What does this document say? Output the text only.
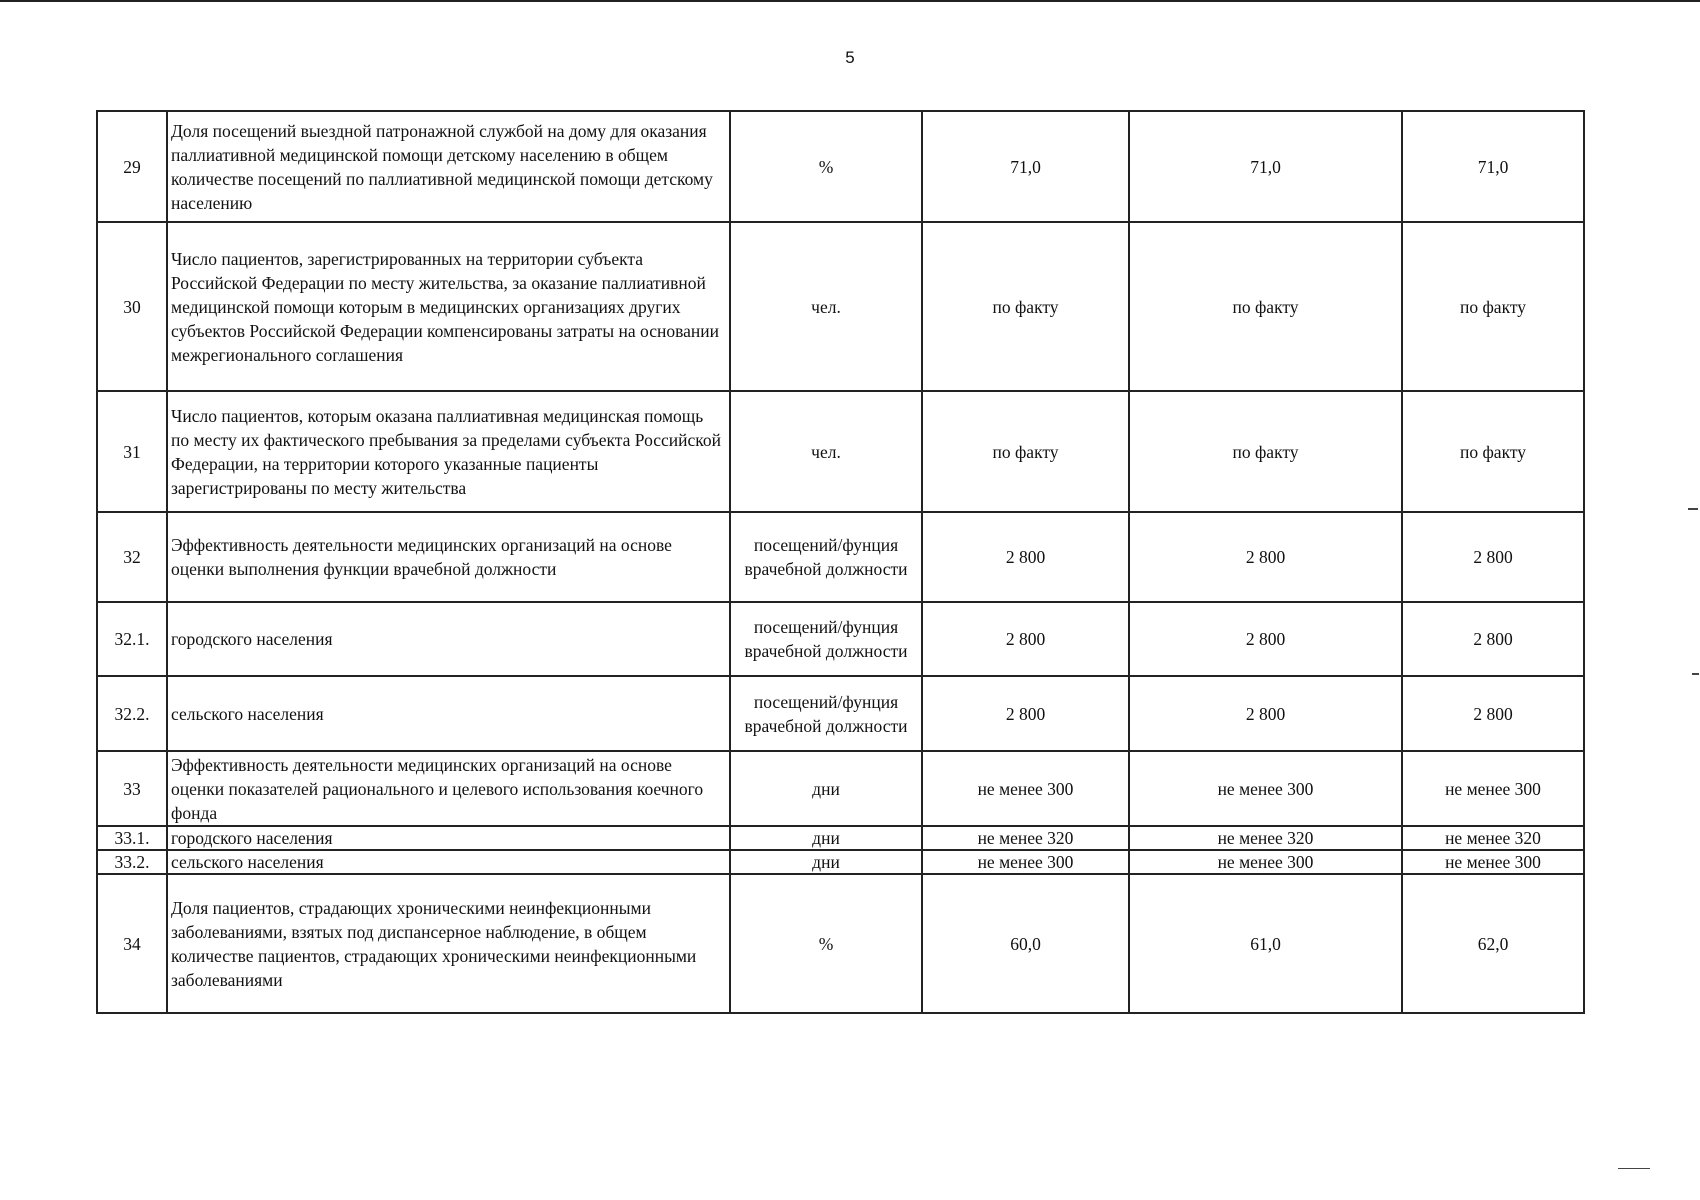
5
29	Доля посещений выездной патронажной службой на дому для оказания паллиативной медицинской помощи детскому населению в общем количестве посещений по паллиативной медицинской помощи детскому населению	%	71,0	71,0	71,0
30	Число пациентов, зарегистрированных на территории субъекта Российской Федерации по месту жительства, за оказание паллиативной медицинской помощи которым в медицинских организациях других субъектов Российской Федерации компенсированы затраты на основании межрегионального соглашения	чел.	по факту	по факту	по факту
31	Число пациентов, которым оказана паллиативная медицинская помощь по месту их фактического пребывания за пределами субъекта Российской Федерации, на территории которого указанные пациенты зарегистрированы по месту жительства	чел.	по факту	по факту	по факту
32	Эффективность деятельности медицинских организаций на основе оценки выполнения функции врачебной должности	посещений/фунция врачебной должности	2 800	2 800	2 800
32.1.	городского населения	посещений/фунция врачебной должности	2 800	2 800	2 800
32.2.	сельского населения	посещений/фунция врачебной должности	2 800	2 800	2 800
33	Эффективность деятельности медицинских организаций на основе оценки показателей рационального и целевого использования коечного фонда	дни	не менее 300	не менее 300	не менее 300
33.1.	городского населения	дни	не менее 320	не менее 320	не менее 320
33.2.	сельского населения	дни	не менее 300	не менее 300	не менее 300
34	Доля пациентов, страдающих хроническими неинфекционными заболеваниями, взятых под диспансерное наблюдение, в общем количестве пациентов, страдающих хроническими неинфекционными заболеваниями	%	60,0	61,0	62,0
